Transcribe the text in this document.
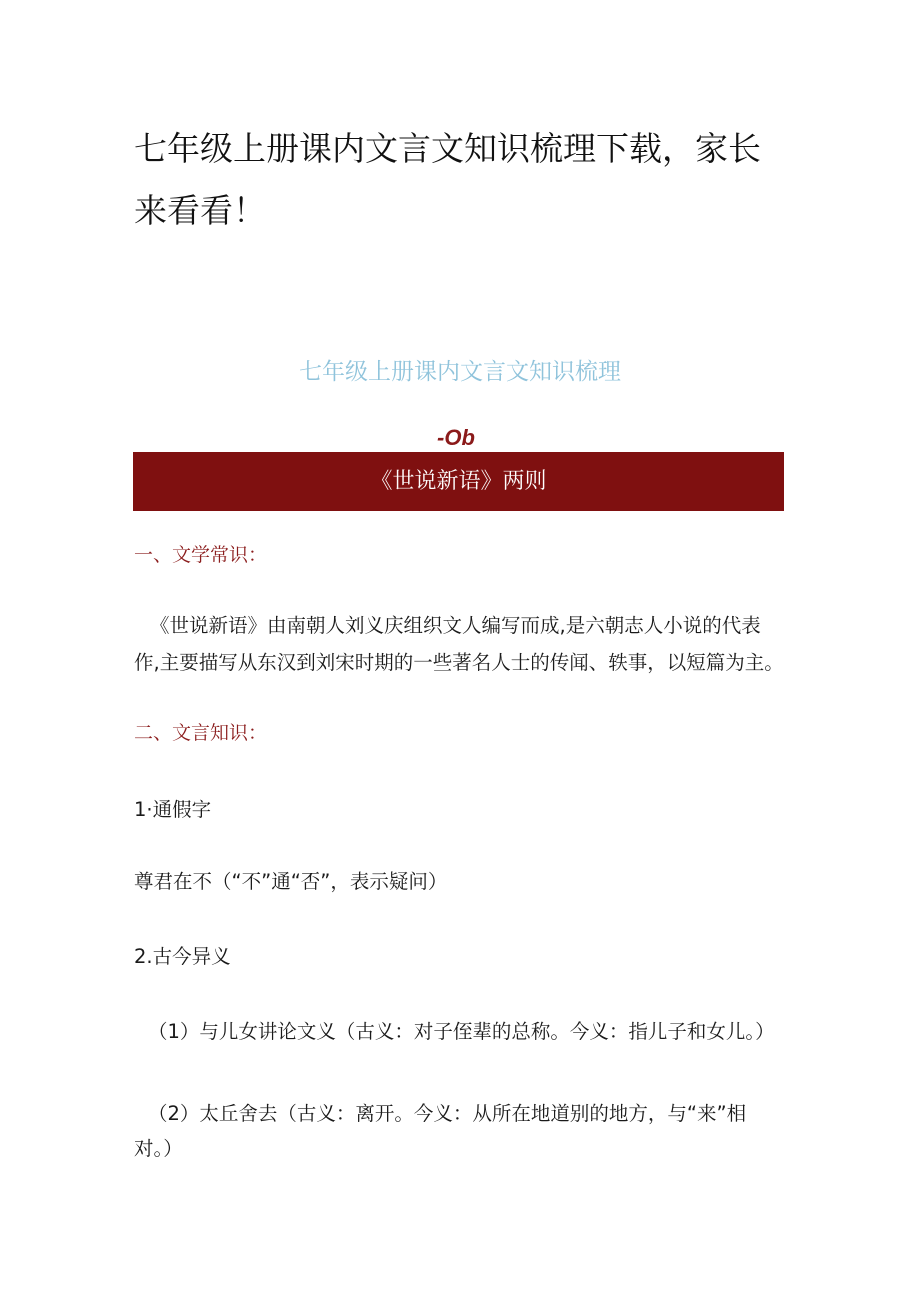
七年级上册课内文言文知识梳理下载，家长来看看！
七年级上册课内文言文知识梳理
-Ob
《世说新语》两则
一、文学常识：

《世说新语》由南朝人刘义庆组织文人编写而成,是六朝志人小说的代表作,主要描写从东汉到刘宋时期的一些著名人士的传闻、轶事，以短篇为主。

二、文言知识：
1·通假字
尊君在不（“不”通“否”，表示疑问）
2.古今异义

（1）与儿女讲论文义（古义：对子侄辈的总称。今义：指儿子和女儿。）

（2）太丘舍去（古义：离开。今义：从所在地道别的地方，与“来”相对。）
